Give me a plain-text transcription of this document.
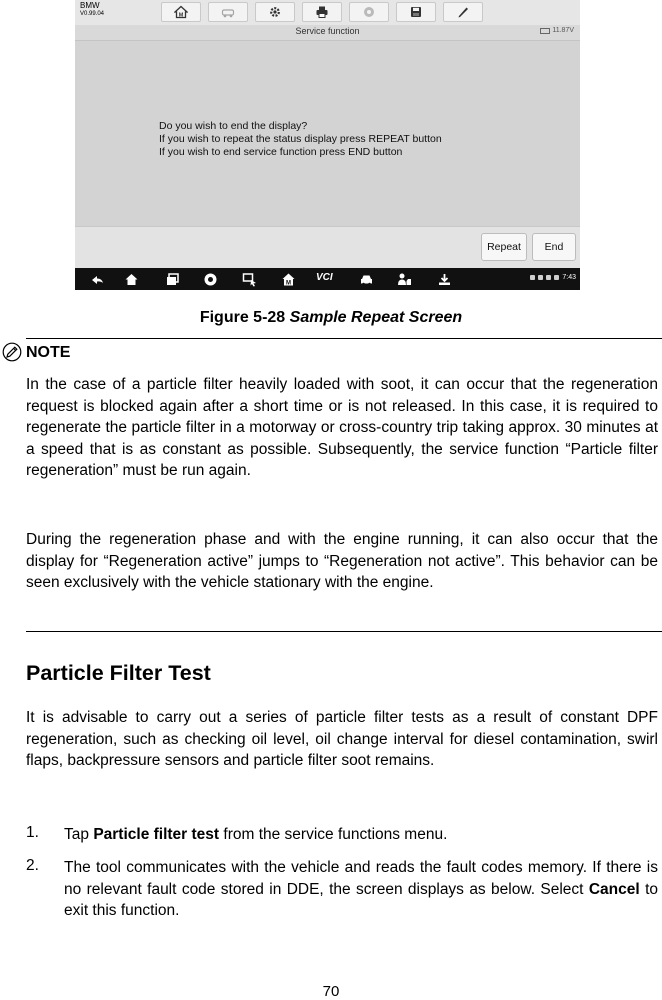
BMW
V0.99.04	M
Service function	11.87V
Do you wish to end the display?
If you wish to repeat the status display press REPEAT button
If you wish to end service function press END button
Repeat	End
M	VCI	7:43
Figure 5-28 Sample Repeat Screen
NOTE

In the case of a particle filter heavily loaded with soot, it can occur that the regeneration request is blocked again after a short time or is not released. In this case, it is required to regenerate the particle filter in a motorway or cross-country trip taking approx. 30 minutes at a speed that is as constant as possible. Subsequently, the service function “Particle filter regeneration” must be run again.

During the regeneration phase and with the engine running, it can also occur that the display for “Regeneration active” jumps to “Regeneration not active”. This behavior can be seen exclusively with the vehicle stationary with the engine.

Particle Filter Test

It is advisable to carry out a series of particle filter tests as a result of constant DPF regeneration, such as checking oil level, oil change interval for diesel contamination, swirl flaps, backpressure sensors and particle filter soot remains.

1. Tap Particle filter test from the service functions menu.

2. The tool communicates with the vehicle and reads the fault codes memory. If there is no relevant fault code stored in DDE, the screen displays as below. Select Cancel to exit this function.

70
